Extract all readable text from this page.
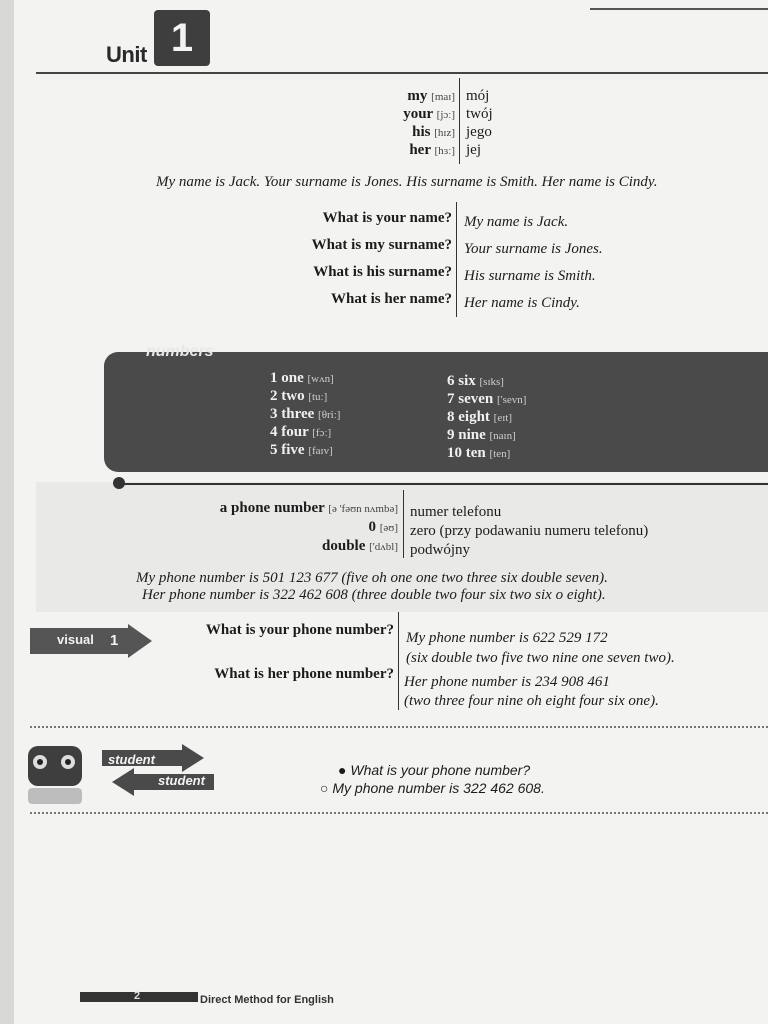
Unit 1
my [maɪ]
your [jɔː]
his [hɪz]
her [hɜː]
mój
twój
jego
jej
My name is Jack. Your surname is Jones. His surname is Smith. Her name is Cindy.
What is your name?
What is my surname?
What is his surname?
What is her name?
My name is Jack.
Your surname is Jones.
His surname is Smith.
Her name is Cindy.
numbers
1 one [wʌn]
2 two [tuː]
3 three [θriː]
4 four [fɔː]
5 five [faɪv]
6 six [sɪks]
7 seven ['sevn]
8 eight [eɪt]
9 nine [naɪn]
10 ten [ten]
a phone number [ə 'fəʊn nʌmbə]
0 [əʊ]
double ['dʌbl]
numer telefonu
zero (przy podawaniu numeru telefonu)
podwójny
My phone number is 501 123 677 (five oh one one two three six double seven).
Her phone number is 322 462 608 (three double two four six two six o eight).
visual 1
What is your phone number?
What is her phone number?
My phone number is 622 529 172
(six double two five two nine one seven two).
Her phone number is 234 908 461
(two three four nine oh eight four six one).
student
student
● What is your phone number?
○ My phone number is 322 462 608.
2	Direct Method for English
